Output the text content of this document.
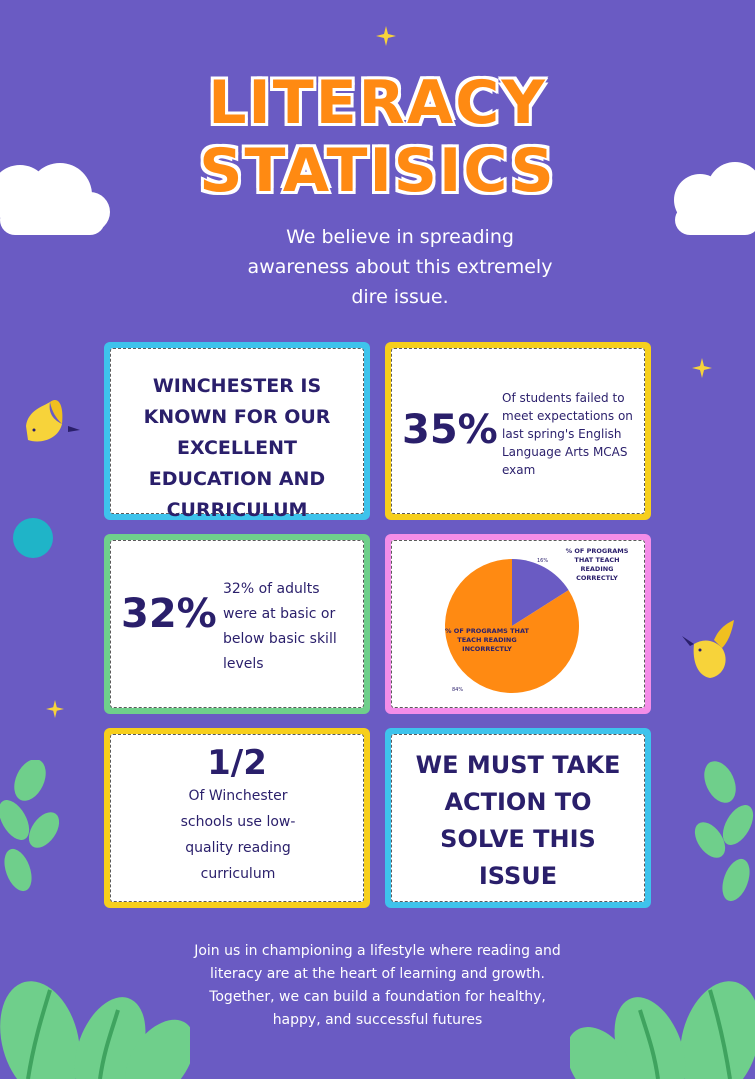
LITERACY
STATISICS
We believe in spreading awareness about this extremely dire issue.
WINCHESTER IS KNOWN FOR OUR EXCELLENT EDUCATION AND CURRICULUM
35%
Of students failed to meet expectations on last spring's English Language Arts MCAS exam
32%
32% of adults were at basic or below basic skill levels
16%
% OF PROGRAMS THAT TEACH READING CORRECTLY
84%
% OF PROGRAMS THAT TEACH READING INCORRECTLY
1/2
Of Winchester schools use low-quality reading curriculum
WE MUST TAKE ACTION TO SOLVE THIS ISSUE
Join us in championing a lifestyle where reading and literacy are at the heart of learning and growth. Together, we can build a foundation for healthy, happy, and successful futures
